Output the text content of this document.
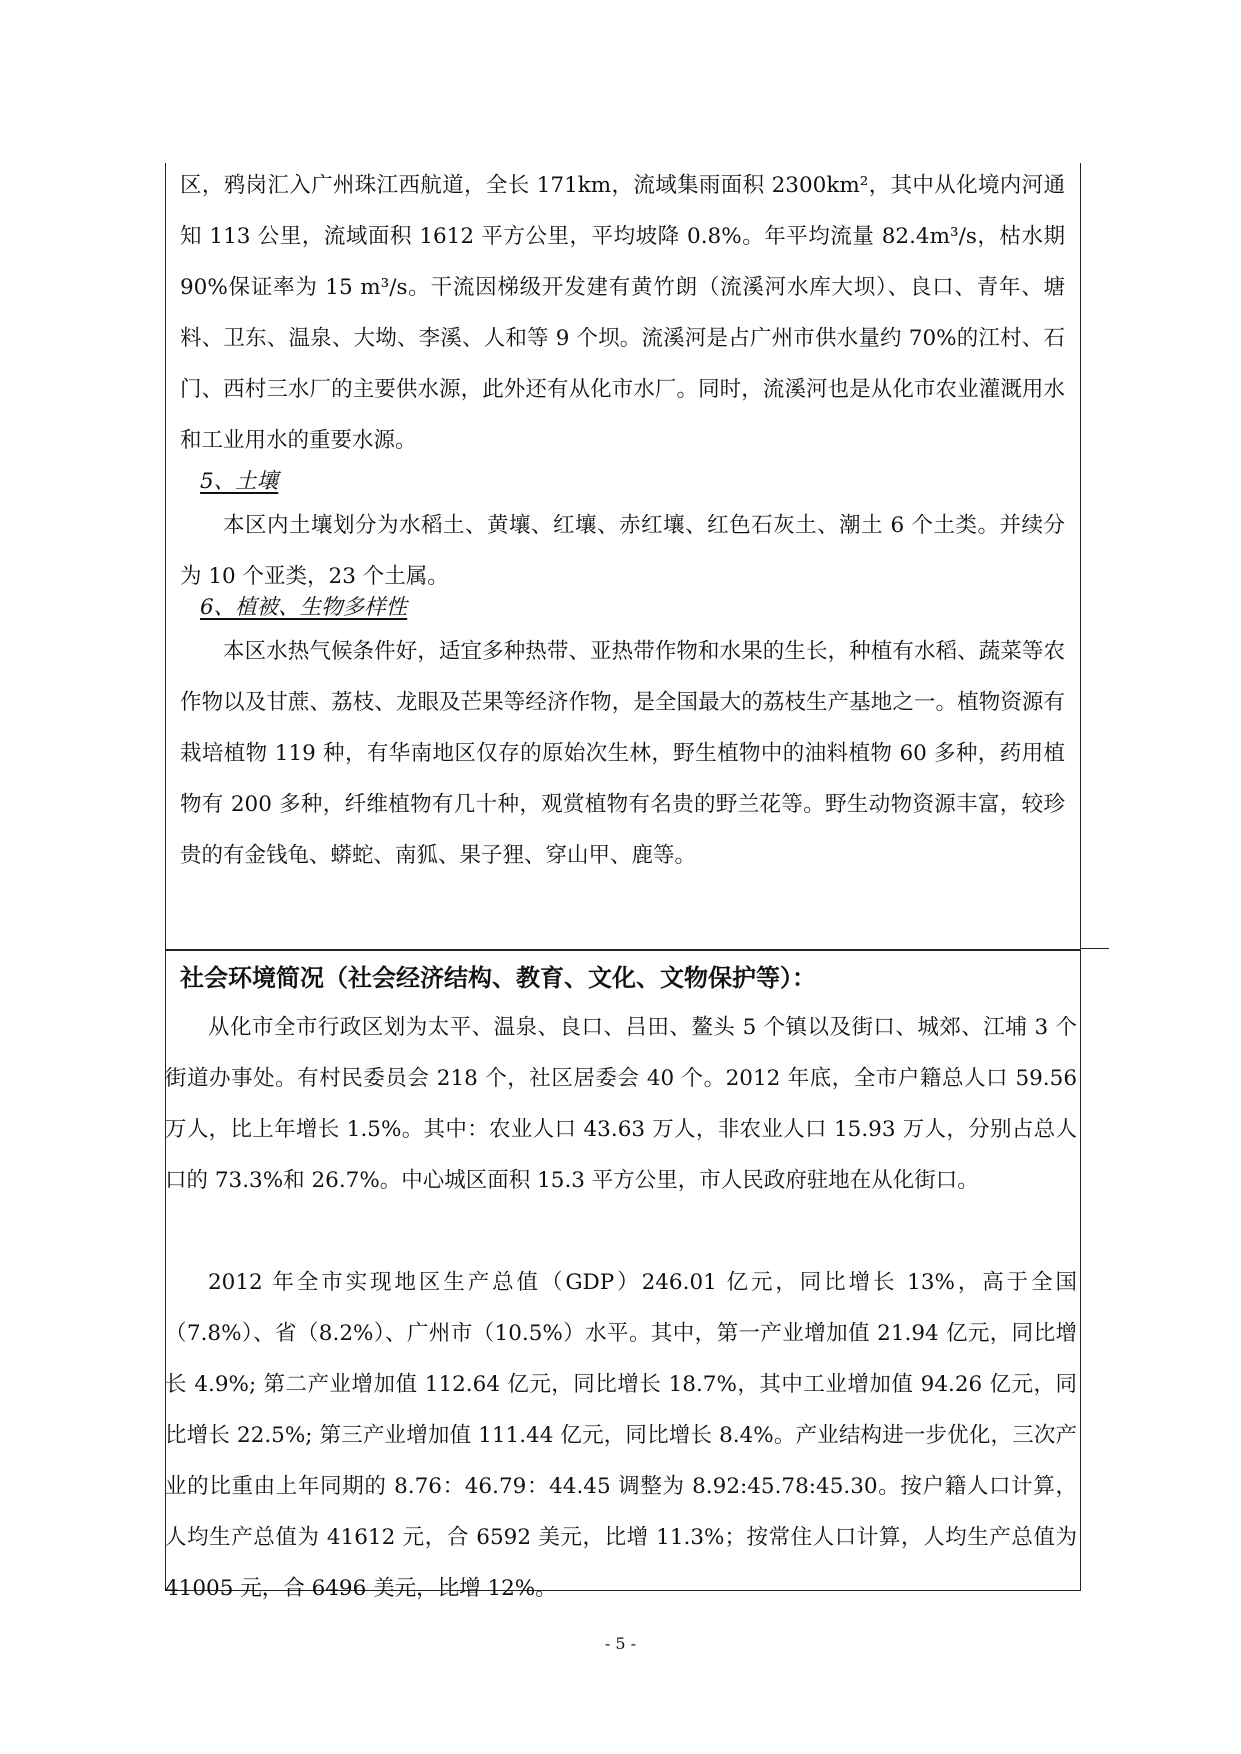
区，鸦岗汇入广州珠江西航道，全长 171km，流域集雨面积 2300km²，其中从化境内河通知 113 公里，流域面积 1612 平方公里，平均坡降 0.8%。年平均流量 82.4m³/s，枯水期 90%保证率为 15 m³/s。干流因梯级开发建有黄竹朗（流溪河水库大坝）、良口、青年、塘料、卫东、温泉、大坳、李溪、人和等 9 个坝。流溪河是占广州市供水量约 70%的江村、石门、西村三水厂的主要供水源，此外还有从化市水厂。同时，流溪河也是从化市农业灌溉用水和工业用水的重要水源。
5、土壤
本区内土壤划分为水稻土、黄壤、红壤、赤红壤、红色石灰土、潮土 6 个土类。并续分为 10 个亚类，23 个土属。
6、植被、生物多样性
本区水热气候条件好，适宜多种热带、亚热带作物和水果的生长，种植有水稻、蔬菜等农作物以及甘蔗、荔枝、龙眼及芒果等经济作物，是全国最大的荔枝生产基地之一。植物资源有栽培植物 119 种，有华南地区仅存的原始次生林，野生植物中的油料植物 60 多种，药用植物有 200 多种，纤维植物有几十种，观赏植物有名贵的野兰花等。野生动物资源丰富，较珍贵的有金钱龟、蟒蛇、南狐、果子狸、穿山甲、鹿等。
社会环境简况（社会经济结构、教育、文化、文物保护等）：
从化市全市行政区划为太平、温泉、良口、吕田、鳌头 5 个镇以及街口、城郊、江埔 3 个街道办事处。有村民委员会 218 个，社区居委会 40 个。2012 年底，全市户籍总人口 59.56 万人，比上年增长 1.5%。其中：农业人口 43.63 万人，非农业人口 15.93 万人，分别占总人口的 73.3%和 26.7%。中心城区面积 15.3 平方公里，市人民政府驻地在从化街口。
2012 年全市实现地区生产总值（GDP）246.01 亿元，同比增长 13%，高于全国（7.8%）、省（8.2%）、广州市（10.5%）水平。其中，第一产业增加值 21.94 亿元，同比增长 4.9%; 第二产业增加值 112.64 亿元，同比增长 18.7%，其中工业增加值 94.26 亿元，同比增长 22.5%; 第三产业增加值 111.44 亿元，同比增长 8.4%。产业结构进一步优化，三次产业的比重由上年同期的 8.76：46.79：44.45 调整为 8.92:45.78:45.30。按户籍人口计算，人均生产总值为 41612 元，合 6592 美元，比增 11.3%；按常住人口计算，人均生产总值为 41005 元，合 6496 美元，比增 12%。
- 5 -
